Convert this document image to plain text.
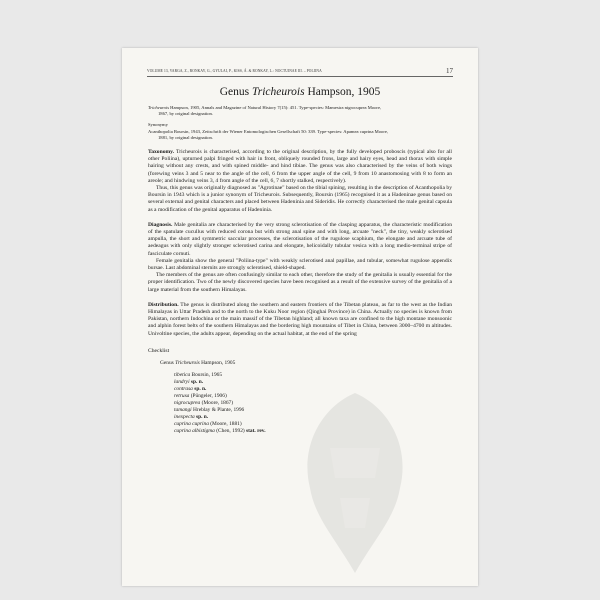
VOLUME 13, VARGA, Z., RONKAY, G., GYULAI, P., KISS, Á. & RONKAY, L.: NOCTUINAE III. – POLIINA	17
Genus Tricheurois Hampson, 1905

Tricheurois Hampson, 1905, Annals and Magazine of Natural History 7(15): 451. Type-species: Mamestra nigrocuprea Moore,

1867, by original designation.

Synonymy

Acanthopolia Boursin, 1943, Zeitschrift der Wiener Entomologischen Gesellschaft 50: 339. Type-species: Apamea cuprina Moore,

1881, by original designation.

Taxonomy. Tricheurois is characterised, according to the original description, by the fully developed proboscis (typical also for all other Poliina), upturned palpi fringed with hair in front, obliquely rounded frons, large and hairy eyes, head and thorax with simple hairing without any crests, and with spined middle- and hind tibiae. The genus was also characterised by the veins of both wings (forewing veins 3 and 5 near to the angle of the cell, 6 from the upper angle of the cell, 9 from 10 anastomosing with 8 to form an areole; and hindwing veins 3, 4 from angle of the cell, 6, 7 shortly stalked, respectively).

Thus, this genus was originally diagnosed as "Agrotinae" based on the tibial spining, resulting in the description of Acanthopolia by Boursin in 1943 which is a junior synonym of Tricheurois. Subsequently, Boursin (1965) recognised it as a Hadeninae genus based on several external and genital characters and placed between Hadeninia and Sideridis. He correctly characterised the male genital capsula as a modification of the genital apparatus of Hadeninia.

Diagnosis. Male genitalia are characterised by the very strong sclerotisation of the clasping apparatus, the characteristic modification of the spatulate cucullus with reduced corona but with strong anal spine and with long, arcuate "neck", the tiny, weakly sclerotised ampulla, the short and symmetric saccular processes, the sclerotisation of the rugulose scaphium, the elongate and arcuate tube of aedeagus with only slightly stronger sclerotised carina and elongate, helicoidally tubular vesica with a long medio-terminal stripe of fasciculate cornuti.

Female genitalia show the general "Poliina-type" with weakly sclerotised anal papillae, and tubular, somewhat rugulose appendix bursae. Last abdominal sternits are strongly sclerotised, shield-shaped.

The members of the genus are often confusingly similar to each other, therefore the study of the genitalia is usually essential for the proper identification. Two of the newly discovered species have been recognised as a result of the extensive survey of the genitalia of a large material from the southern Himalayas.

Distribution. The genus is distributed along the southern and eastern frontiers of the Tibetan plateau, as far to the west as the Indian Himalayas in Uttar Pradesh and to the north to the Kuku Noor region (Qinghai Province) in China. Actually no species is known from Pakistan, northern Indochina or the main massif of the Tibetan highland; all known taxa are confined to the high montane monsoonic and alphin forest belts of the southern Himalayas and the bordering high mountains of Tibet in China, between 3000–4700 m altitudes. Univoltine species, the adults appear, depending on the actual habitat, at the end of the spring

Checklist
Genus Tricheurois Hampson, 1905
tibetica Boursin, 1965
landryi sp. n.
contrasa sp. n.
retrusa (Püngeler, 1906)
nigrocuprea (Moore, 1867)
tamangi Hreblay & Plante, 1996
inexpecta sp. n.
cuprina cuprina (Moore, 1881)
cuprina albistigma (Chen, 1992) stat. rev.
